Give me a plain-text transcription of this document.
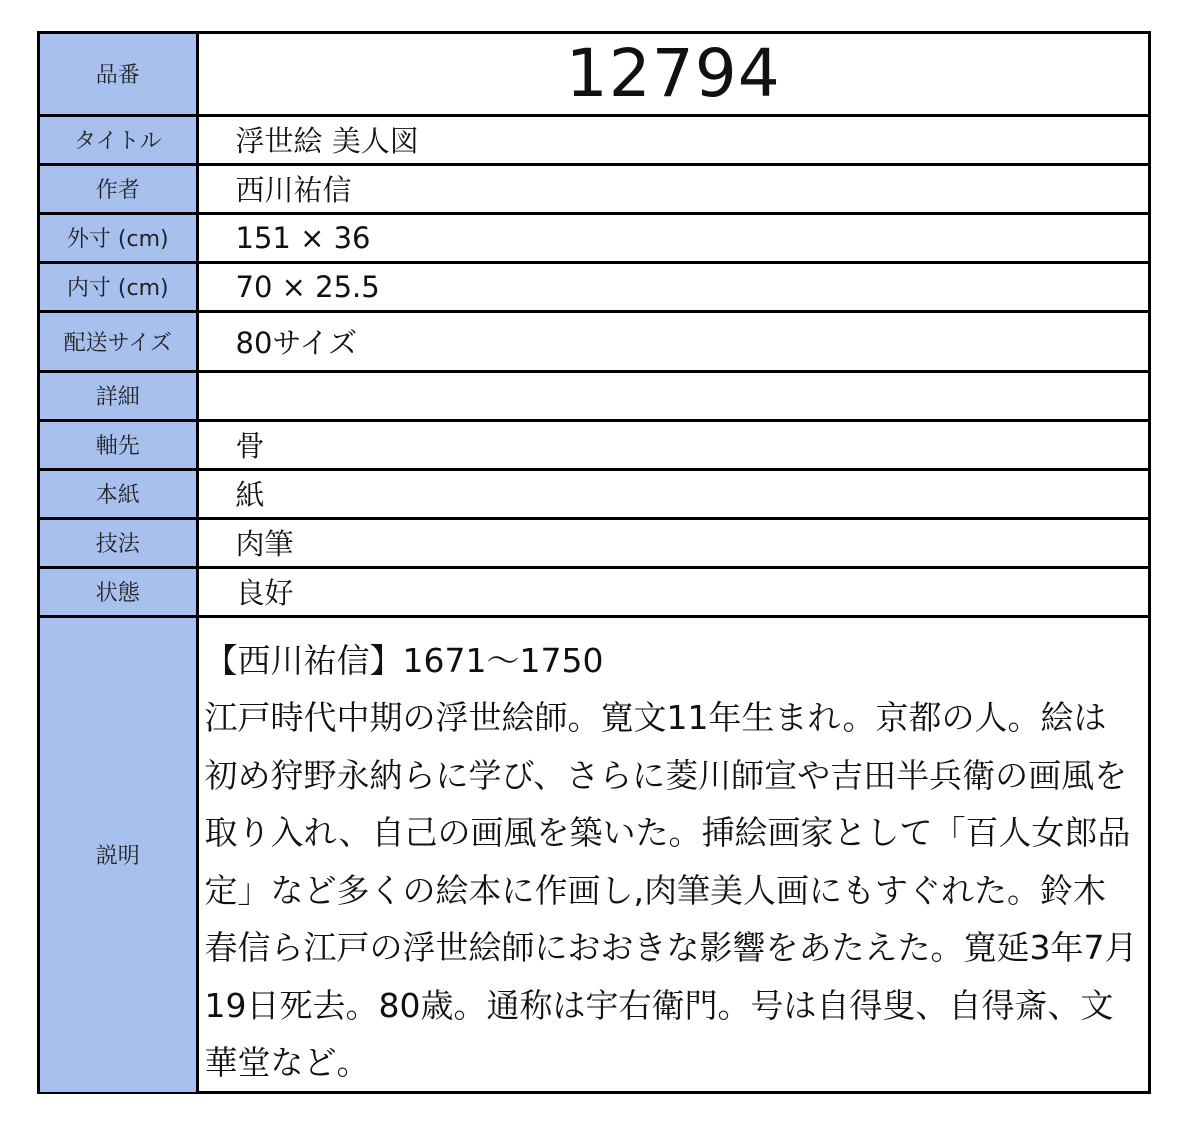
品番	12794
タイトル	浮世絵 美人図
作者	西川祐信
外寸 (cm)	151 × 36
内寸 (cm)	70 × 25.5
配送サイズ	80サイズ
詳細	
軸先	骨
本紙	紙
技法	肉筆
状態	良好
説明	【西川祐信】1671〜1750
江戸時代中期の浮世絵師。寛文11年生まれ。京都の人。絵は初め狩野永納らに学び、さらに菱川師宣や吉田半兵衛の画風を取り入れ、自己の画風を築いた。挿絵画家として「百人女郎品定」など多くの絵本に作画し,肉筆美人画にもすぐれた。鈴木春信ら江戸の浮世絵師におおきな影響をあたえた。寛延3年7月19日死去。80歳。通称は宇右衛門。号は自得叟、自得斎、文華堂など。
